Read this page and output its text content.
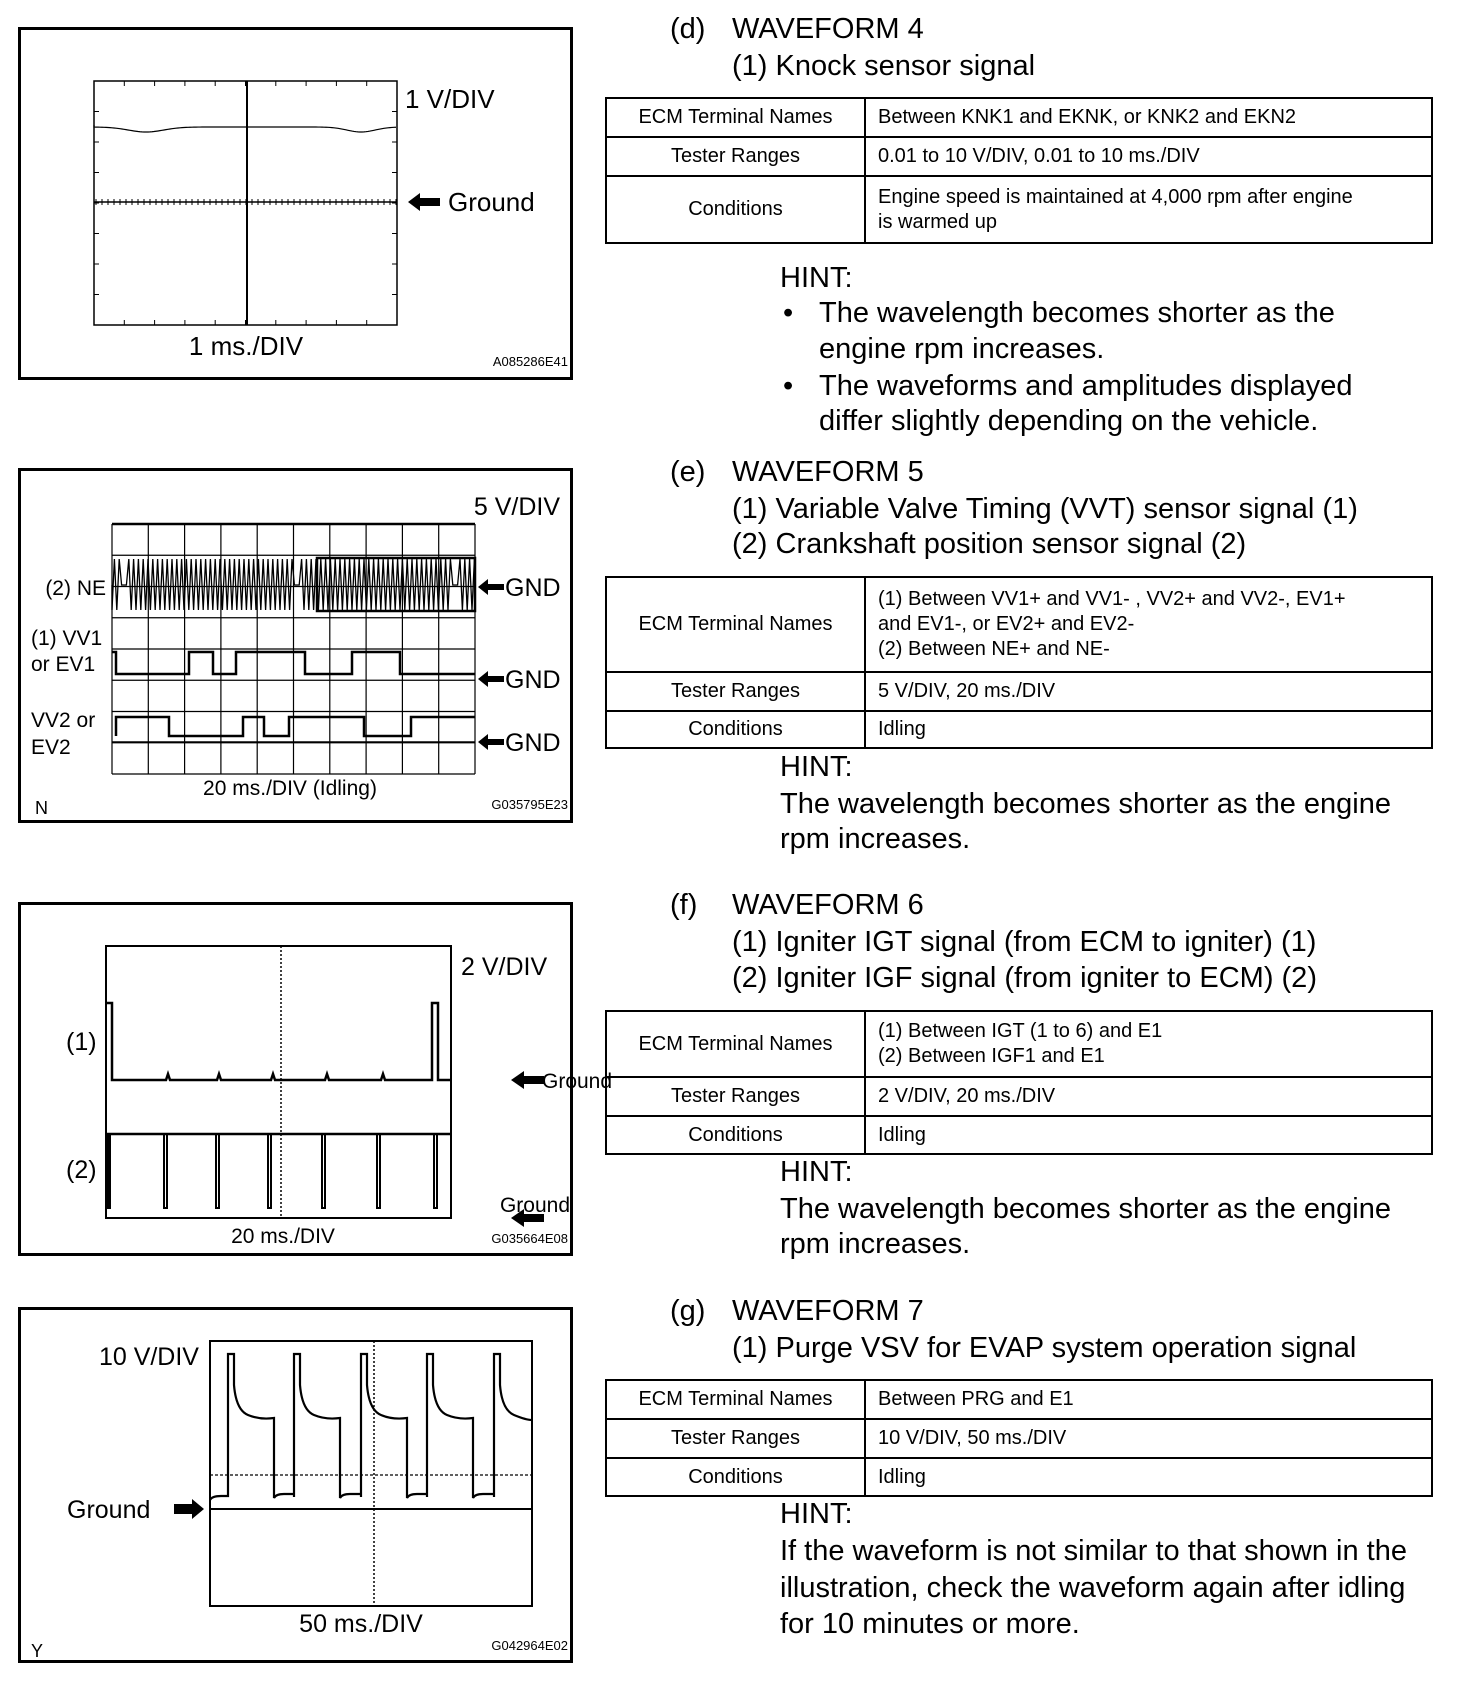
1 V/DIV
Ground
1 ms./DIV
A085286E41
5 V/DIV
(2) NE
(1) VV1
or EV1
VV2 or
EV2
GND
GND
GND
20 ms./DIV (Idling)
N	G035795E23
2 V/DIV
(1)
(2)
Ground
Ground
20 ms./DIV	G035664E08
10 V/DIV
Ground
50 ms./DIV
Y	G042964E02
(d) WAVEFORM 4
(1) Knock sensor signal
ECM Terminal Names	Between KNK1 and EKNK, or KNK2 and EKN2

Tester Ranges	0.01 to 10 V/DIV, 0.01 to 10 ms./DIV

Conditions	Engine speed is maintained at 4,000 rpm after engine
is warmed up
HINT:
• The wavelength becomes shorter as the
engine rpm increases.
• The waveforms and amplitudes displayed
differ slightly depending on the vehicle.
(e) WAVEFORM 5
(1) Variable Valve Timing (VVT) sensor signal (1)
(2) Crankshaft position sensor signal (2)
ECM Terminal Names	(1) Between VV1+ and VV1- , VV2+ and VV2-, EV1+
and EV1-, or EV2+ and EV2-
(2) Between NE+ and NE-

Tester Ranges	5 V/DIV, 20 ms./DIV

Conditions	Idling
HINT:
The wavelength becomes shorter as the engine
rpm increases.
(f) WAVEFORM 6
(1) Igniter IGT signal (from ECM to igniter) (1)
(2) Igniter IGF signal (from igniter to ECM) (2)
ECM Terminal Names	(1) Between IGT (1 to 6) and E1
(2) Between IGF1 and E1

Tester Ranges	2 V/DIV, 20 ms./DIV

Conditions	Idling
HINT:
The wavelength becomes shorter as the engine
rpm increases.
(g) WAVEFORM 7
(1) Purge VSV for EVAP system operation signal
ECM Terminal Names	Between PRG and E1

Tester Ranges	10 V/DIV, 50 ms./DIV

Conditions	Idling
HINT:
If the waveform is not similar to that shown in the
illustration, check the waveform again after idling
for 10 minutes or more.
